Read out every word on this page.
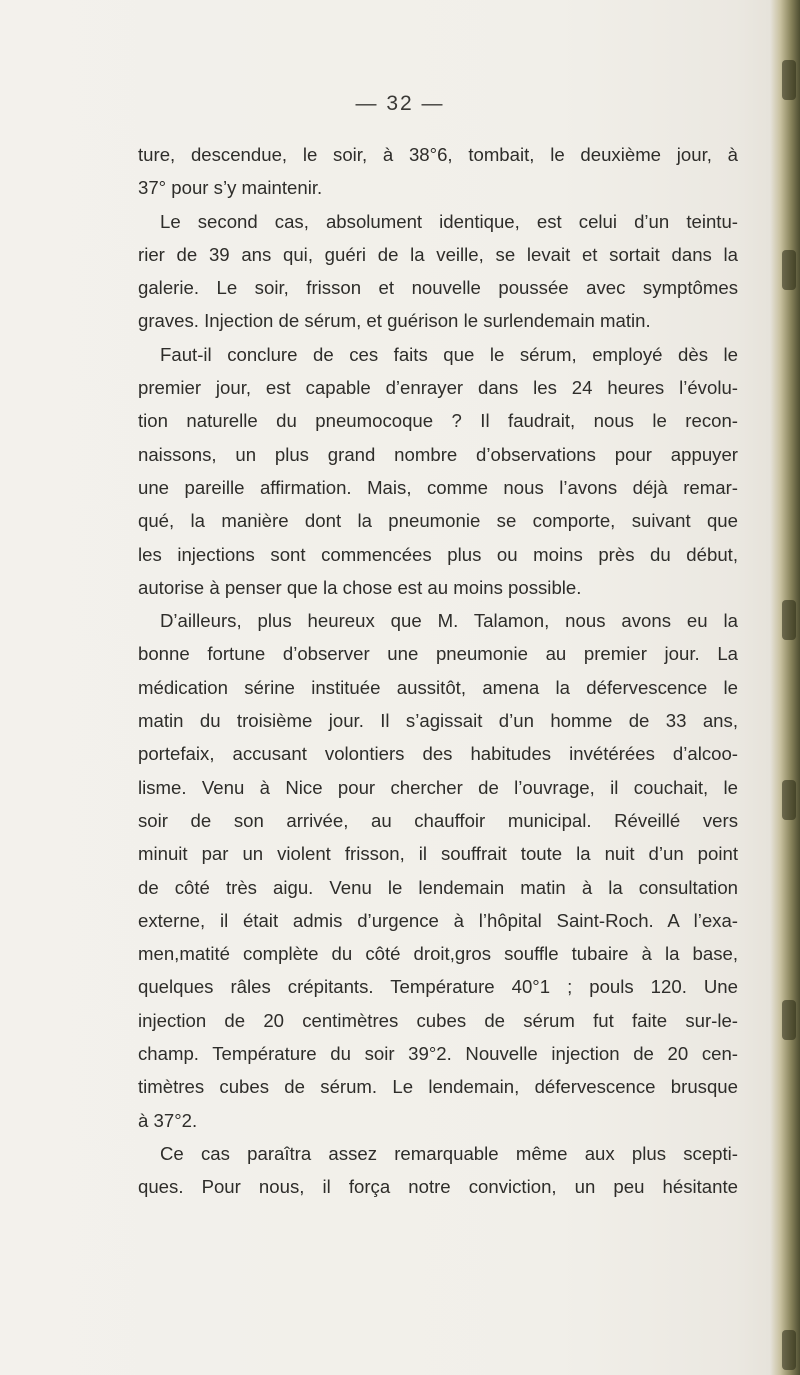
— 32 —
ture, descendue, le soir, à 38°6, tombait, le deuxième jour, à
37° pour s’y maintenir.
Le second cas, absolument identique, est celui d’un teintu-
rier de 39 ans qui, guéri de la veille, se levait et sortait dans la
galerie. Le soir, frisson et nouvelle poussée avec symptômes
graves. Injection de sérum, et guérison le surlendemain matin.
Faut-il conclure de ces faits que le sérum, employé dès le
premier jour, est capable d’enrayer dans les 24 heures l’évolu-
tion naturelle du pneumocoque ? Il faudrait, nous le recon-
naissons, un plus grand nombre d’observations pour appuyer
une pareille affirmation. Mais, comme nous l’avons déjà remar-
qué, la manière dont la pneumonie se comporte, suivant que
les injections sont commencées plus ou moins près du début,
autorise à penser que la chose est au moins possible.
D’ailleurs, plus heureux que M. Talamon, nous avons eu la
bonne fortune d’observer une pneumonie au premier jour. La
médication sérine instituée aussitôt, amena la défervescence le
matin du troisième jour. Il s’agissait d’un homme de 33 ans,
portefaix, accusant volontiers des habitudes invétérées d’alcoo-
lisme. Venu à Nice pour chercher de l’ouvrage, il couchait, le
soir de son arrivée, au chauffoir municipal. Réveillé vers
minuit par un violent frisson, il souffrait toute la nuit d’un point
de côté très aigu. Venu le lendemain matin à la consultation
externe, il était admis d’urgence à l’hôpital Saint-Roch. A l’exa-
men,matité complète du côté droit,gros souffle tubaire à la base,
quelques râles crépitants. Température 40°1 ; pouls 120. Une
injection de 20 centimètres cubes de sérum fut faite sur-le-
champ. Température du soir 39°2. Nouvelle injection de 20 cen-
timètres cubes de sérum. Le lendemain, défervescence brusque
à 37°2.
Ce cas paraîtra assez remarquable même aux plus scepti-
ques. Pour nous, il força notre conviction, un peu hésitante
